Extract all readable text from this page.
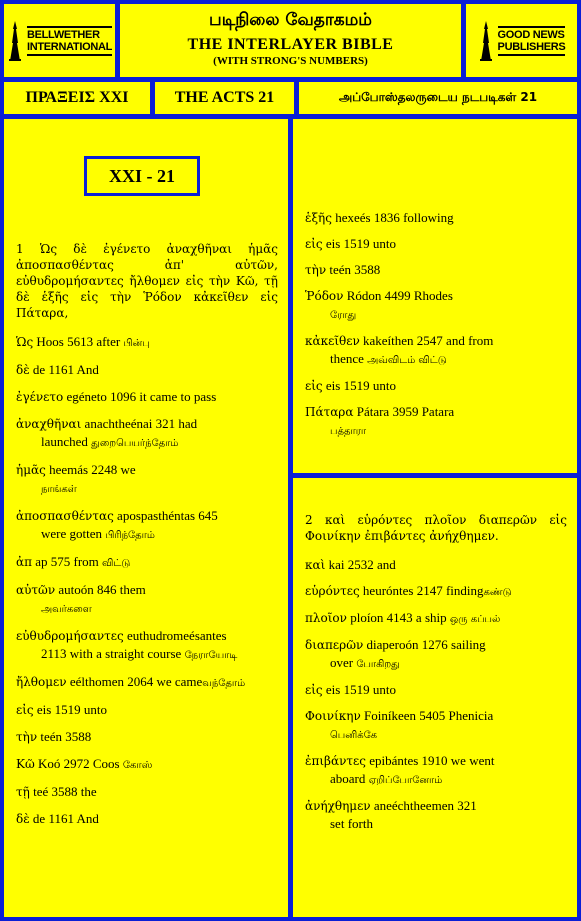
BELLWETHER
INTERNATIONAL
படிநிலை வேதாகமம்
THE INTERLAYER BIBLE
(WITH STRONG'S NUMBERS)
GOOD NEWS
PUBLISHERS
ΠΡΑΞΕΙΣ XXI	THE ACTS 21	அப்போஸ்தலருடைய நடபடிகள் 21
XXI - 21
1 Ὡς δὲ ἐγένετο ἀναχθῆναι ἡμᾶς ἀποσπασθέντας ἀπ' αὐτῶν, εὐθυδρομήσαντες ἤλθομεν εἰς τὴν Κῶ, τῇ δὲ ἑξῆς εἰς τὴν Ῥόδον κἀκεῖθεν εἰς Πάταρα,
Ὡς Hoos 5613 after பின்பு
δὲ de 1161 And
ἐγένετο egéneto 1096 it came to pass
ἀναχθῆναι anachtheénai 321 had
launched துறைபெயர்ந்தோம்
ἡμᾶς heemás 2248 we
நாங்கள்
ἀποσπασθέντας apospasthéntas 645
were gotten பிரிந்தோம்
ἀπ ap 575 from விட்டு
αὐτῶν autoón 846 them
அவர்களை
εὐθυδρομήσαντες euthudromeésantes
2113 with a straight course நேராயோடி
ἤλθομεν eélthomen 2064 we cameவந்தோம்
εἰς eis 1519 unto
τὴν teén 3588
Κῶ Koó 2972 Coos கோஸ்
τῇ teé 3588 the
δὲ de 1161 And
ἑξῆς hexeés 1836 following
εἰς eis 1519 unto
τὴν teén 3588
Ῥόδον Ródon 4499 Rhodes
ரோது
κἀκεῖθεν kakeíthen 2547 and from
thence அவ்விடம் விட்டு
εἰς eis 1519 unto
Πάταρα Pátara 3959 Patara
பத்தாரா
2 καὶ εὑρόντες πλοῖον διαπερῶν εἰς Φοινίκην ἐπιβάντες ἀνήχθημεν.
καὶ kai 2532 and
εὑρόντες heuróntes 2147 findingகண்டு
πλοῖον ploíon 4143 a ship ஒரு கப்பல்
διαπερῶν diaperoón 1276 sailing
over போகிறது
εἰς eis 1519 unto
Φοινίκην Foiníkeen 5405 Phenicia
பெனிக்கே
ἐπιβάντες epibántes 1910 we went
aboard ஏறிப்போனோம்
ἀνήχθημεν aneéchtheemen 321
set forth
